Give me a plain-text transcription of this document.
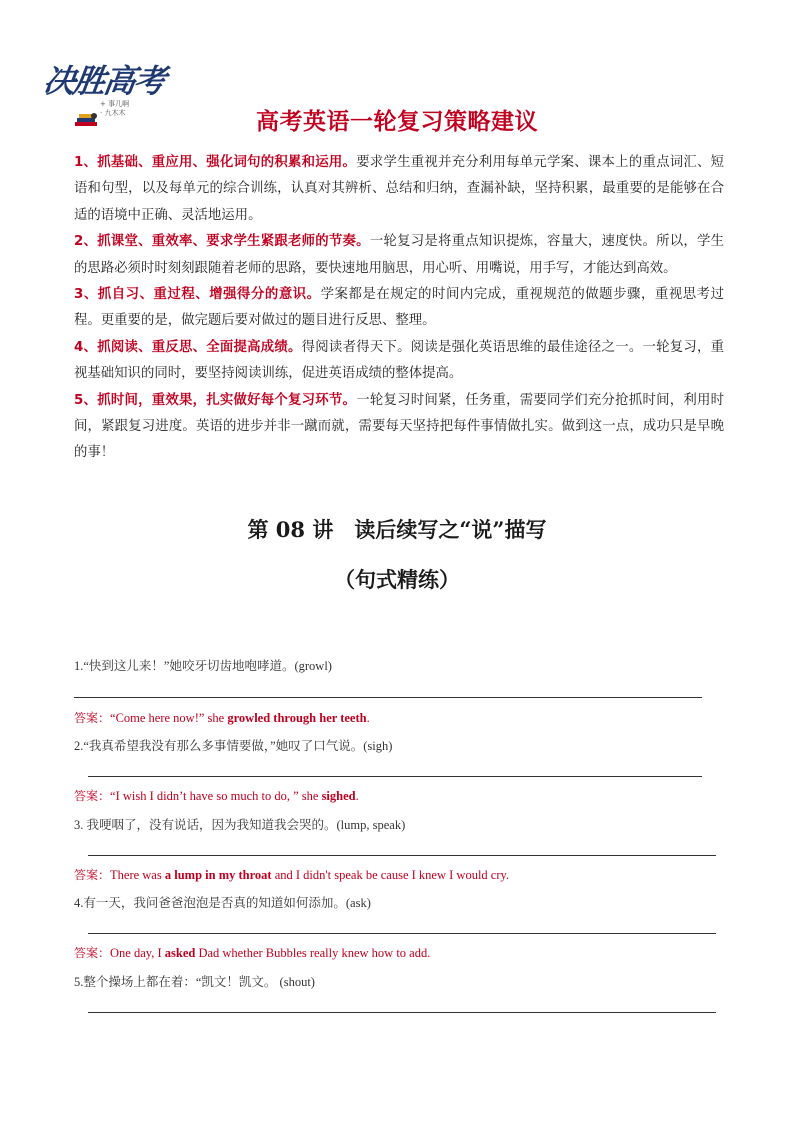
决胜高考
+ 事几啊
· 九木木	高考英语一轮复习策略建议

1、抓基础、重应用、强化词句的积累和运用。要求学生重视并充分利用每单元学案、课本上的重点词汇、短语和句型，以及每单元的综合训练，认真对其辨析、总结和归纳，查漏补缺，坚持积累，最重要的是能够在合适的语境中正确、灵活地运用。

2、抓课堂、重效率、要求学生紧跟老师的节奏。一轮复习是将重点知识提炼，容量大，速度快。所以，学生的思路必须时时刻刻跟随着老师的思路，要快速地用脑思，用心听、用嘴说，用手写，才能达到高效。

3、抓自习、重过程、增强得分的意识。学案都是在规定的时间内完成，重视规范的做题步骤，重视思考过程。更重要的是，做完题后要对做过的题目进行反思、整理。

4、抓阅读、重反思、全面提高成绩。得阅读者得天下。阅读是强化英语思维的最佳途径之一。一轮复习，重视基础知识的同时，要坚持阅读训练，促进英语成绩的整体提高。

5、抓时间，重效果，扎实做好每个复习环节。一轮复习时间紧，任务重，需要同学们充分抢抓时间，利用时间，紧跟复习进度。英语的进步并非一蹴而就，需要每天坚持把每件事情做扎实。做到这一点，成功只是早晚的事！

第 08 讲　读后续写之“说”描写
（句式精练）
1.“快到这儿来！”她咬牙切齿地咆哮道。(growl)
答案：“Come here now!” she growled through her teeth.
2.“我真希望我没有那么多事情要做，”她叹了口气说。(sigh)
答案：“I wish I didn’t have so much to do, ” she sighed.
3. 我哽咽了，没有说话，因为我知道我会哭的。(lump, speak)
答案：There was a lump in my throat and I didn't speak be cause I knew I would cry.
4.有一天，我问爸爸泡泡是否真的知道如何添加。(ask)
答案：One day, I asked Dad whether Bubbles really knew how to add.
5.整个操场上都在着：“凯文！凯文。 (shout)
